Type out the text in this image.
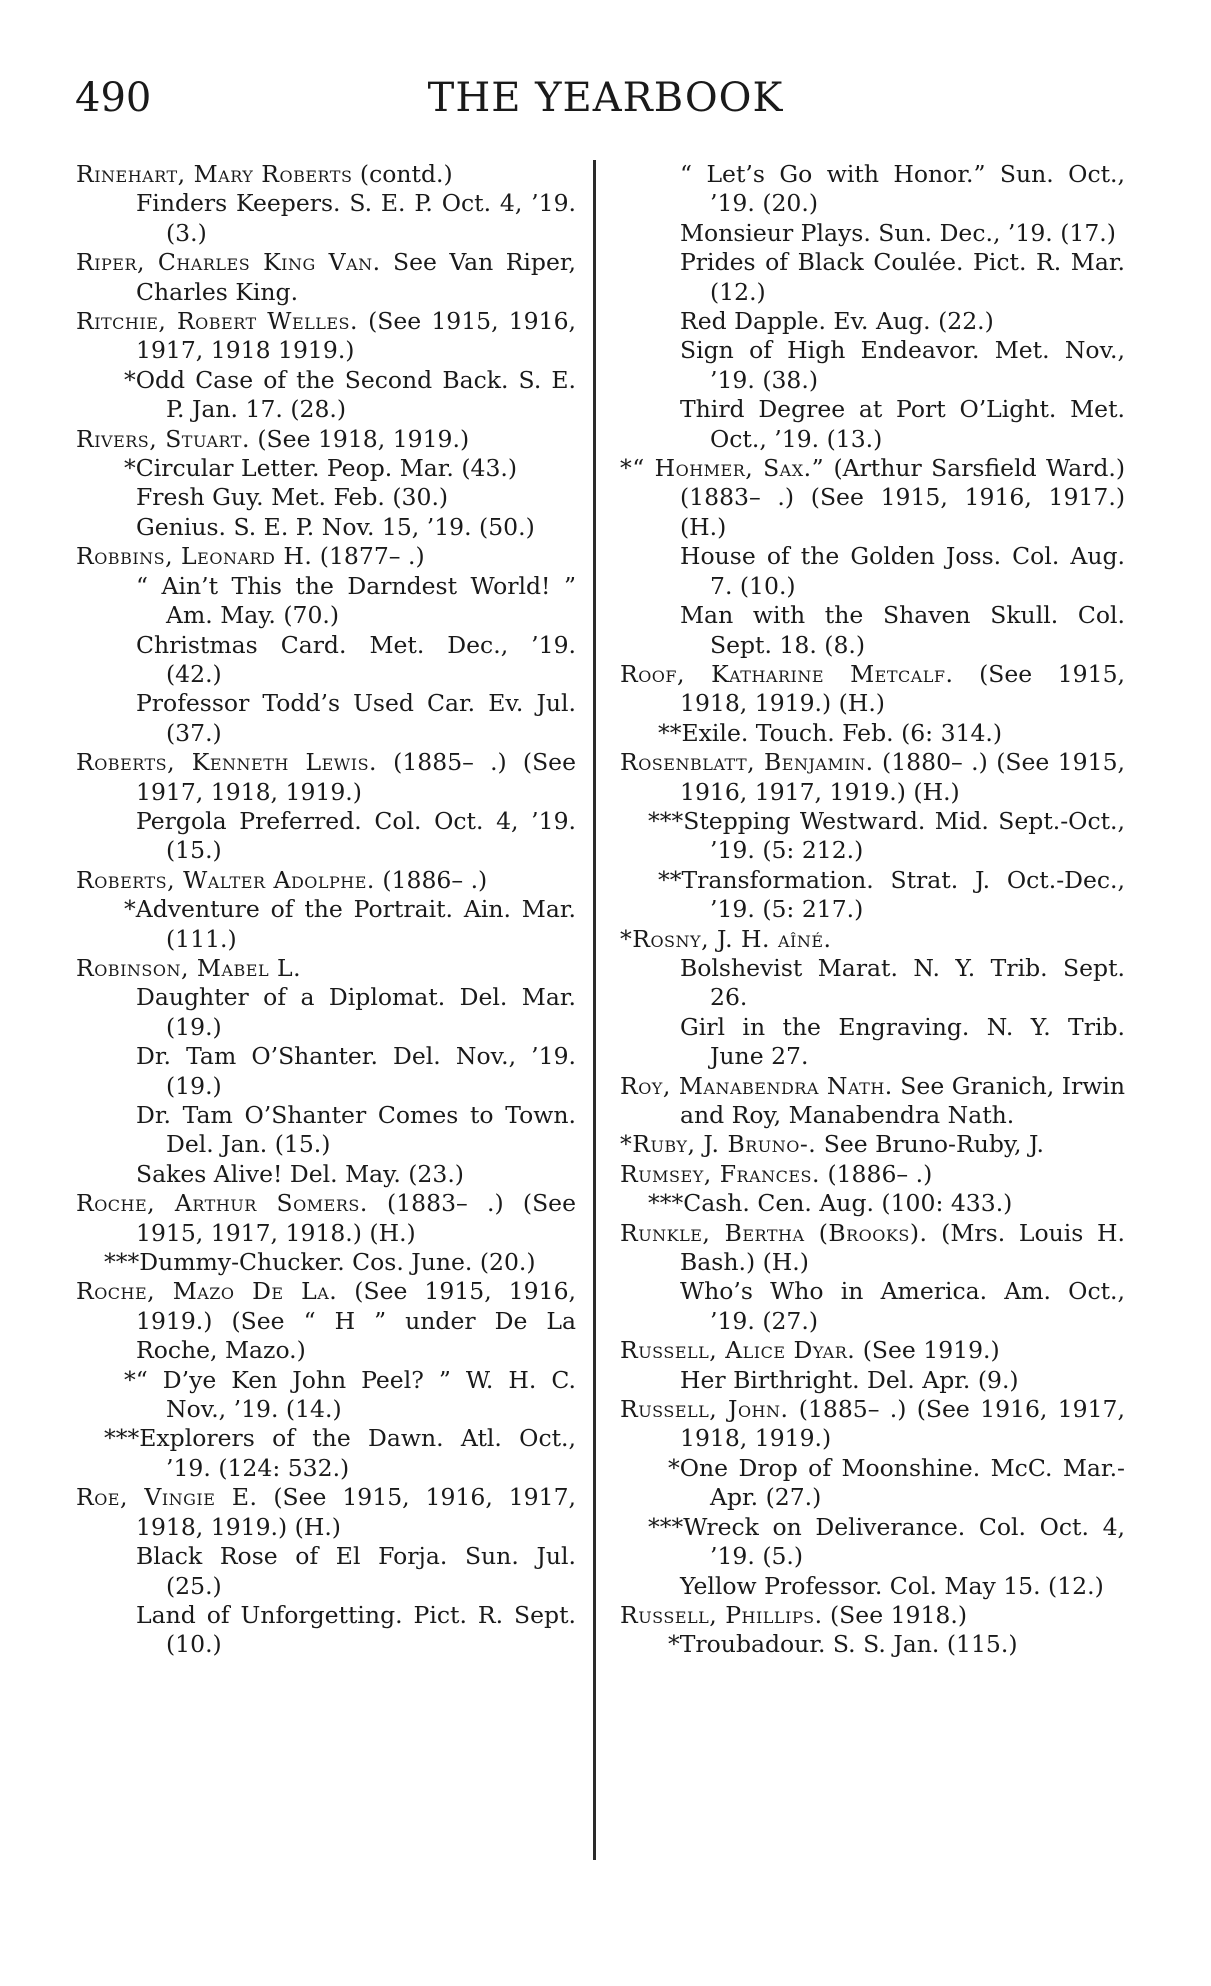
490	THE YEARBOOK

Rinehart, Mary Roberts (contd.)

Finders Keepers. S. E. P. Oct. 4, ’19. (3.)

Riper, Charles King Van. See Van Riper, Charles King.

Ritchie, Robert Welles. (See 1915, 1916, 1917, 1918 1919.)

*Odd Case of the Second Back. S. E. P. Jan. 17. (28.)

Rivers, Stuart. (See 1918, 1919.)

*Circular Letter. Peop. Mar. (43.)

Fresh Guy. Met. Feb. (30.)

Genius. S. E. P. Nov. 15, ’19. (50.)

Robbins, Leonard H. (1877– .)

“ Ain’t This the Darndest World! ” Am. May. (70.)

Christmas Card. Met. Dec., ’19. (42.)

Professor Todd’s Used Car. Ev. Jul. (37.)

Roberts, Kenneth Lewis. (1885– .) (See 1917, 1918, 1919.)

Pergola Preferred. Col. Oct. 4, ’19. (15.)

Roberts, Walter Adolphe. (1886– .)

*Adventure of the Portrait. Ain. Mar. (111.)

Robinson, Mabel L.

Daughter of a Diplomat. Del. Mar. (19.)

Dr. Tam O’Shanter. Del. Nov., ’19. (19.)

Dr. Tam O’Shanter Comes to Town. Del. Jan. (15.)

Sakes Alive! Del. May. (23.)

Roche, Arthur Somers. (1883– .) (See 1915, 1917, 1918.) (H.)

***Dummy-Chucker. Cos. June. (20.)

Roche, Mazo De La. (See 1915, 1916, 1919.) (See “ H ” under De La Roche, Mazo.)

*“ D’ye Ken John Peel? ” W. H. C. Nov., ’19. (14.)

***Explorers of the Dawn. Atl. Oct., ’19. (124: 532.)

Roe, Vingie E. (See 1915, 1916, 1917, 1918, 1919.) (H.)

Black Rose of El Forja. Sun. Jul. (25.)

Land of Unforgetting. Pict. R. Sept. (10.)

“ Let’s Go with Honor.” Sun. Oct., ’19. (20.)

Monsieur Plays. Sun. Dec., ’19. (17.)

Prides of Black Coulée. Pict. R. Mar. (12.)

Red Dapple. Ev. Aug. (22.)

Sign of High Endeavor. Met. Nov., ’19. (38.)

Third Degree at Port O’Light. Met. Oct., ’19. (13.)

*“ Hohmer, Sax.” (Arthur Sarsfield Ward.) (1883– .) (See 1915, 1916, 1917.) (H.)

House of the Golden Joss. Col. Aug. 7. (10.)

Man with the Shaven Skull. Col. Sept. 18. (8.)

Roof, Katharine Metcalf. (See 1915, 1918, 1919.) (H.)

**Exile. Touch. Feb. (6: 314.)

Rosenblatt, Benjamin. (1880– .) (See 1915, 1916, 1917, 1919.) (H.)

***Stepping Westward. Mid. Sept.-Oct., ’19. (5: 212.)

**Transformation. Strat. J. Oct.-Dec., ’19. (5: 217.)

*Rosny, J. H. aîné.

Bolshevist Marat. N. Y. Trib. Sept. 26.

Girl in the Engraving. N. Y. Trib. June 27.

Roy, Manabendra Nath. See Granich, Irwin and Roy, Manabendra Nath.

*Ruby, J. Bruno-. See Bruno-Ruby, J.

Rumsey, Frances. (1886– .)

***Cash. Cen. Aug. (100: 433.)

Runkle, Bertha (Brooks). (Mrs. Louis H. Bash.) (H.)

Who’s Who in America. Am. Oct., ’19. (27.)

Russell, Alice Dyar. (See 1919.)

Her Birthright. Del. Apr. (9.)

Russell, John. (1885– .) (See 1916, 1917, 1918, 1919.)

*One Drop of Moonshine. McC. Mar.-Apr. (27.)

***Wreck on Deliverance. Col. Oct. 4, ’19. (5.)

Yellow Professor. Col. May 15. (12.)

Russell, Phillips. (See 1918.)

*Troubadour. S. S. Jan. (115.)
